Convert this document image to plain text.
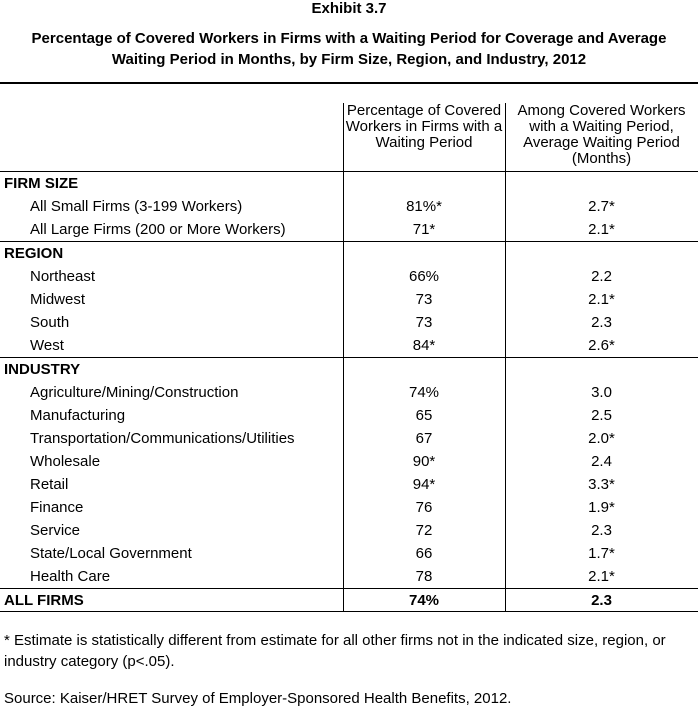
Exhibit 3.7
Percentage of Covered Workers in Firms with a Waiting Period for Coverage and Average Waiting Period in Months, by Firm Size, Region, and Industry, 2012

	Percentage of Covered Workers in Firms with a Waiting Period	Among Covered Workers with a Waiting Period, Average Waiting Period (Months)
FIRM SIZE		
All Small Firms (3-199 Workers)	81%*	2.7*
All Large Firms (200 or More Workers)	71*	2.1*
REGION		
Northeast	66%	2.2
Midwest	73	2.1*
South	73	2.3
West	84*	2.6*
INDUSTRY		
Agriculture/Mining/Construction	74%	3.0
Manufacturing	65	2.5
Transportation/Communications/Utilities	67	2.0*
Wholesale	90*	2.4
Retail	94*	3.3*
Finance	76	1.9*
Service	72	2.3
State/Local Government	66	1.7*
Health Care	78	2.1*
ALL FIRMS	74%	2.3
* Estimate is statistically different from estimate for all other firms not in the indicated size, region, or industry category (p<.05).
Source: Kaiser/HRET Survey of Employer-Sponsored Health Benefits, 2012.
